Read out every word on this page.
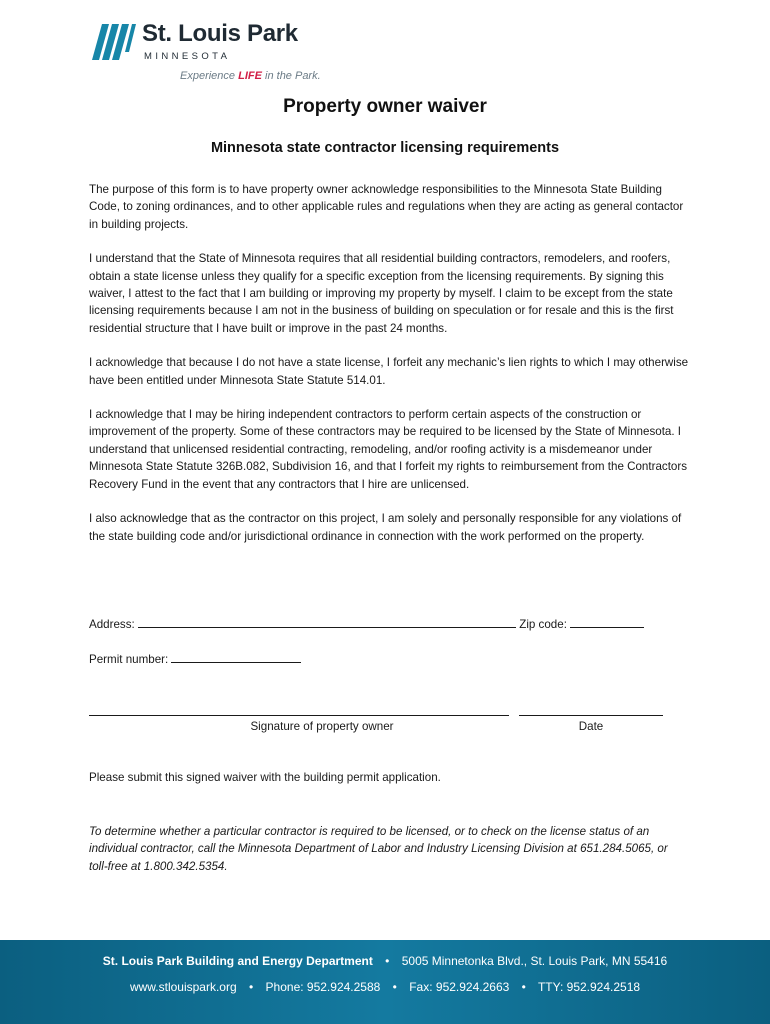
St. Louis Park
MINNESOTA
Experience LIFE in the Park.
Property owner waiver
Minnesota state contractor licensing requirements

The purpose of this form is to have property owner acknowledge responsibilities to the Minnesota State Building Code, to zoning ordinances, and to other applicable rules and regulations when they are acting as general contactor in building projects.

I understand that the State of Minnesota requires that all residential building contractors, remodelers, and roofers, obtain a state license unless they qualify for a specific exception from the licensing requirements. By signing this waiver, I attest to the fact that I am building or improving my property by myself. I claim to be except from the state licensing requirements because I am not in the business of building on speculation or for resale and this is the first residential structure that I have built or improve in the past 24 months.

I acknowledge that because I do not have a state license, I forfeit any mechanic’s lien rights to which I may otherwise have been entitled under Minnesota State Statute 514.01.

I acknowledge that I may be hiring independent contractors to perform certain aspects of the construction or improvement of the property. Some of these contractors may be required to be licensed by the State of Minnesota. I understand that unlicensed residential contracting, remodeling, and/or roofing activity is a misdemeanor under Minnesota State Statute 326B.082, Subdivision 16, and that I forfeit my rights to reimbursement from the Contractors Recovery Fund in the event that any contractors that I hire are unlicensed.

I also acknowledge that as the contractor on this project, I am solely and personally responsible for any violations of the state building code and/or jurisdictional ordinance in connection with the work performed on the property.

Address:	Zip code:
Permit number:
Signature of property owner	Date
Please submit this signed waiver with the building permit application.
To determine whether a particular contractor is required to be licensed, or to check on the license status of an individual contractor, call the Minnesota Department of Labor and Industry Licensing Division at 651.284.5065, or toll-free at 1.800.342.5354.
St. Louis Park Building and Energy Department • 5005 Minnetonka Blvd., St. Louis Park, MN 55416
www.stlouispark.org • Phone: 952.924.2588 • Fax: 952.924.2663 • TTY: 952.924.2518
